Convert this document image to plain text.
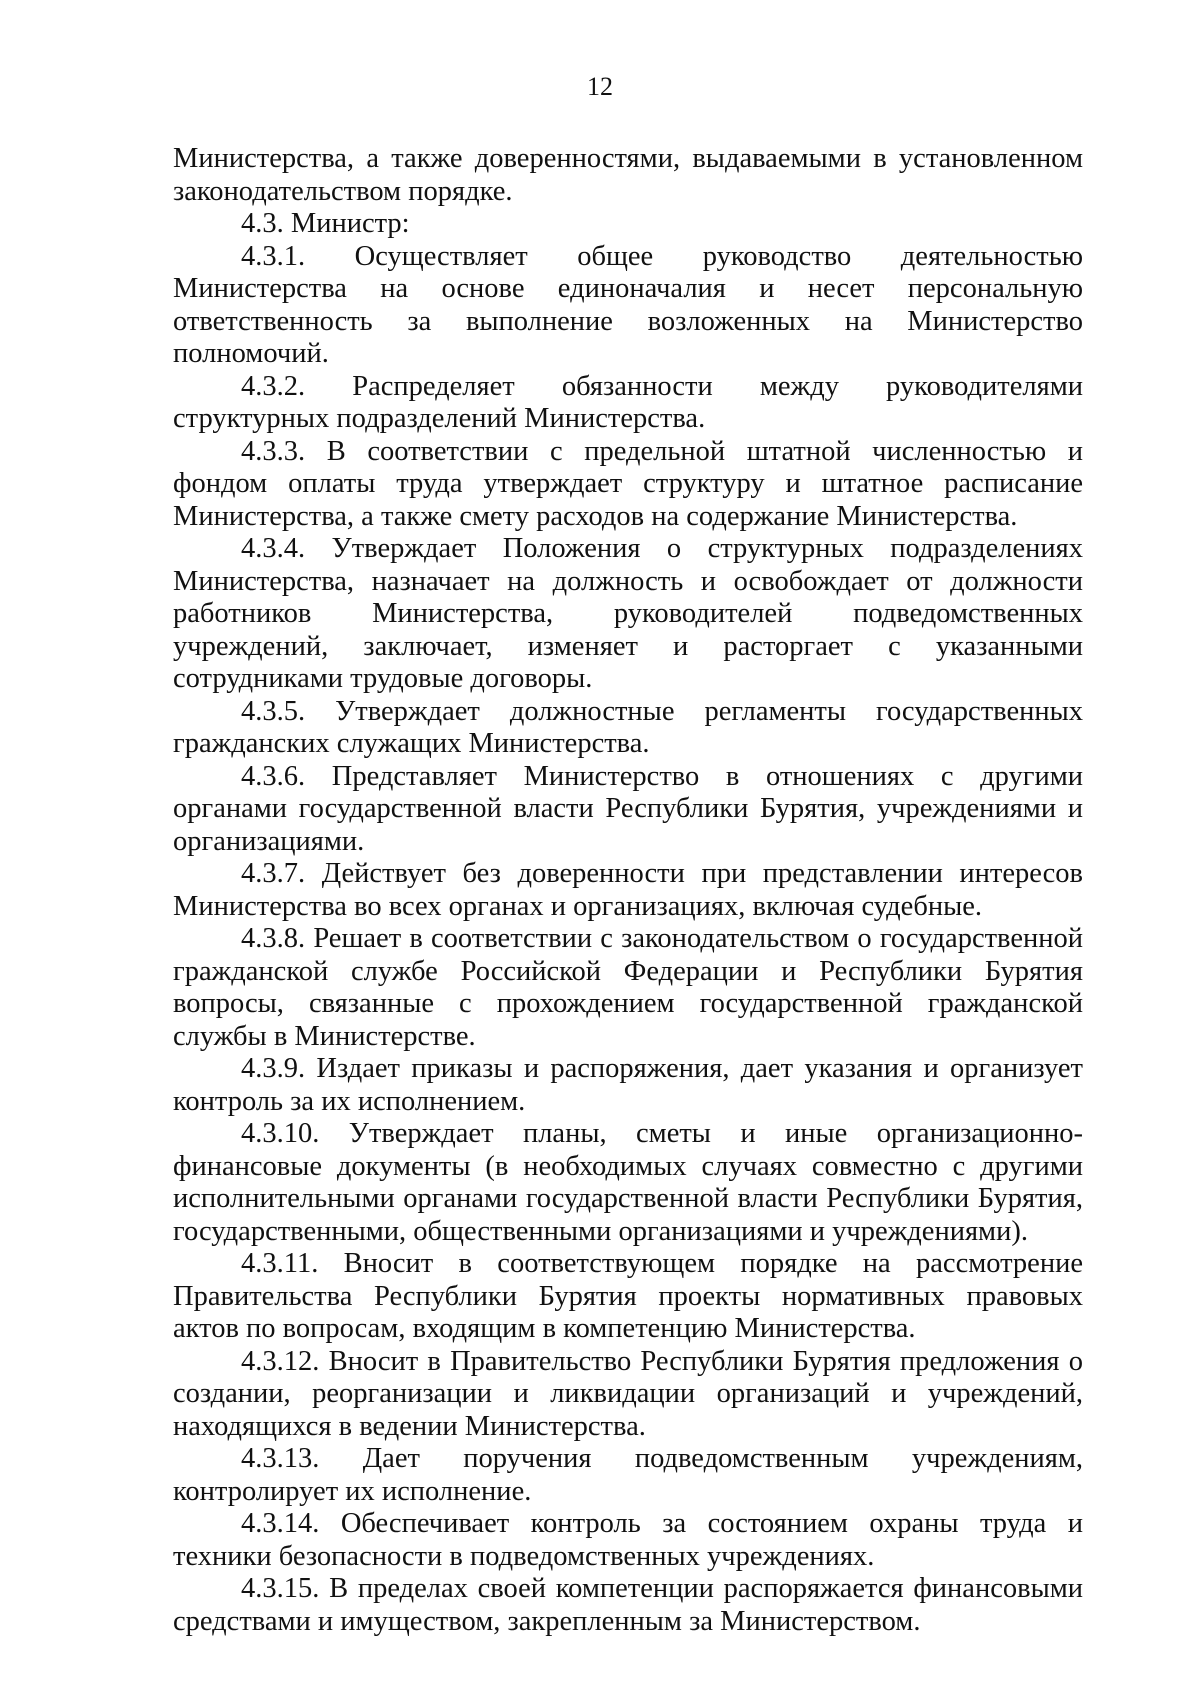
12

Министерства, а также доверенностями, выдаваемыми в установленном законодательством порядке.

4.3. Министр:

4.3.1. Осуществляет общее руководство деятельностью Министерства на основе единоначалия и несет персональную ответственность за выполнение возложенных на Министерство полномочий.

4.3.2. Распределяет обязанности между руководителями структурных подразделений Министерства.

4.3.3. В соответствии с предельной штатной численностью и фондом оплаты труда утверждает структуру и штатное расписание Министерства, а также смету расходов на содержание Министерства.

4.3.4. Утверждает Положения о структурных подразделениях Министерства, назначает на должность и освобождает от должности работников Министерства, руководителей подведомственных учреждений, заключает, изменяет и расторгает с указанными сотрудниками трудовые договоры.

4.3.5. Утверждает должностные регламенты государственных гражданских служащих Министерства.

4.3.6. Представляет Министерство в отношениях с другими органами государственной власти Республики Бурятия, учреждениями и организациями.

4.3.7. Действует без доверенности при представлении интересов Министерства во всех органах и организациях, включая судебные.

4.3.8. Решает в соответствии с законодательством о государственной гражданской службе Российской Федерации и Республики Бурятия вопросы, связанные с прохождением государственной гражданской службы в Министерстве.

4.3.9. Издает приказы и распоряжения, дает указания и организует контроль за их исполнением.

4.3.10. Утверждает планы, сметы и иные организационно-финансовые документы (в необходимых случаях совместно с другими исполнительными органами государственной власти Республики Бурятия, государственными, общественными организациями и учреждениями).

4.3.11. Вносит в соответствующем порядке на рассмотрение Правительства Республики Бурятия проекты нормативных правовых актов по вопросам, входящим в компетенцию Министерства.

4.3.12. Вносит в Правительство Республики Бурятия предложения о создании, реорганизации и ликвидации организаций и учреждений, находящихся в ведении Министерства.

4.3.13. Дает поручения подведомственным учреждениям, контролирует их исполнение.

4.3.14. Обеспечивает контроль за состоянием охраны труда и техники безопасности в подведомственных учреждениях.

4.3.15. В пределах своей компетенции распоряжается финансовыми средствами и имуществом, закрепленным за Министерством.
